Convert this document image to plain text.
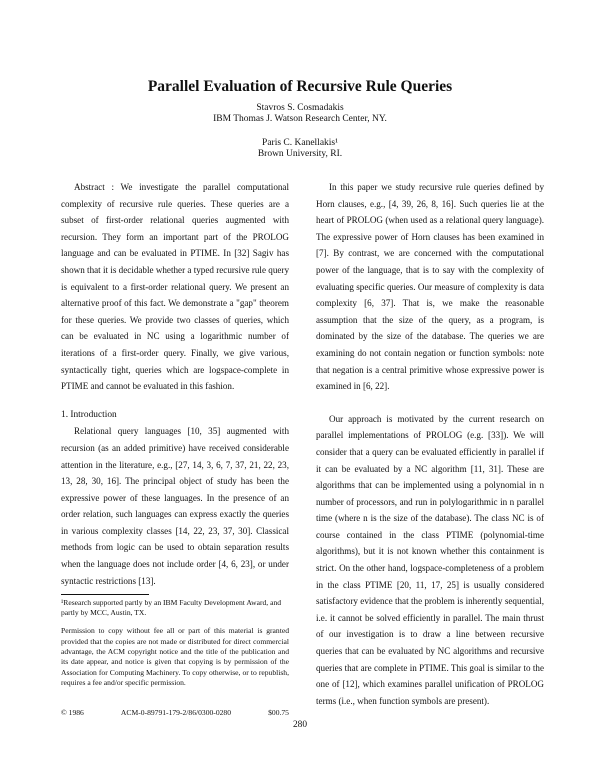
Parallel Evaluation of Recursive Rule Queries
Stavros S. Cosmadakis
IBM Thomas J. Watson Research Center, NY.
Paris C. Kanellakis¹
Brown University, RI.

Abstract : We investigate the parallel computational complexity of recursive rule queries. These queries are a subset of first-order relational queries augmented with recursion. They form an important part of the PROLOG language and can be evaluated in PTIME. In [32] Sagiv has shown that it is decidable whether a typed recursive rule query is equivalent to a first-order relational query. We present an alternative proof of this fact. We demonstrate a "gap" theorem for these queries. We provide two classes of queries, which can be evaluated in NC using a logarithmic number of iterations of a first-order query. Finally, we give various, syntactically tight, queries which are logspace-complete in PTIME and cannot be evaluated in this fashion.

1. Introduction

Relational query languages [10, 35] augmented with recursion (as an added primitive) have received considerable attention in the literature, e.g., [27, 14, 3, 6, 7, 37, 21, 22, 23, 13, 28, 30, 16]. The principal object of study has been the expressive power of these languages. In the presence of an order relation, such languages can express exactly the queries in various complexity classes [14, 22, 23, 37, 30]. Classical methods from logic can be used to obtain separation results when the language does not include order [4, 6, 23], or under syntactic restrictions [13].

¹Research supported partly by an IBM Faculty Development Award, and partly by MCC, Austin, TX.

Permission to copy without fee all or part of this material is granted provided that the copies are not made or distributed for direct commercial advantage, the ACM copyright notice and the title of the publication and its date appear, and notice is given that copying is by permission of the Association for Computing Machinery. To copy otherwise, or to republish, requires a fee and/or specific permission.

© 1986	ACM-0-89791-179-2/86/0300-0280	$00.75

In this paper we study recursive rule queries defined by Horn clauses, e.g., [4, 39, 26, 8, 16]. Such queries lie at the heart of PROLOG (when used as a relational query language). The expressive power of Horn clauses has been examined in [7]. By contrast, we are concerned with the computational power of the language, that is to say with the complexity of evaluating specific queries. Our measure of complexity is data complexity [6, 37]. That is, we make the reasonable assumption that the size of the query, as a program, is dominated by the size of the database. The queries we are examining do not contain negation or function symbols: note that negation is a central primitive whose expressive power is examined in [6, 22].

Our approach is motivated by the current research on parallel implementations of PROLOG (e.g. [33]). We will consider that a query can be evaluated efficiently in parallel if it can be evaluated by a NC algorithm [11, 31]. These are algorithms that can be implemented using a polynomial in n number of processors, and run in polylogarithmic in n parallel time (where n is the size of the database). The class NC is of course contained in the class PTIME (polynomial-time algorithms), but it is not known whether this containment is strict. On the other hand, logspace-completeness of a problem in the class PTIME [20, 11, 17, 25] is usually considered satisfactory evidence that the problem is inherently sequential, i.e. it cannot be solved efficiently in parallel. The main thrust of our investigation is to draw a line between recursive queries that can be evaluated by NC algorithms and recursive queries that are complete in PTIME. This goal is similar to the one of [12], which examines parallel unification of PROLOG terms (i.e., when function symbols are present).

280
